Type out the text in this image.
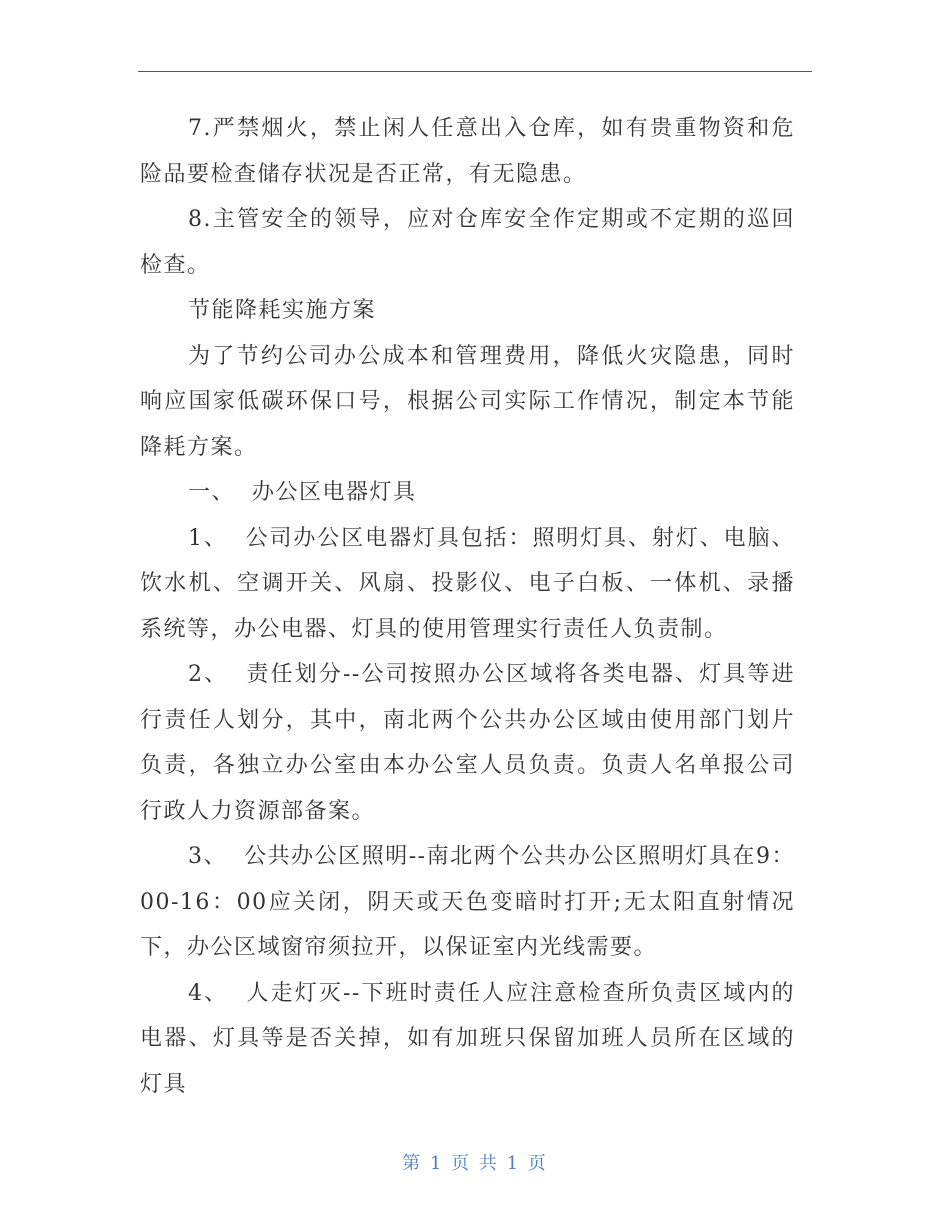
7.严禁烟火，禁止闲人任意出入仓库，如有贵重物资和危险品要检查储存状况是否正常，有无隐患。

8.主管安全的领导，应对仓库安全作定期或不定期的巡回检查。

节能降耗实施方案

为了节约公司办公成本和管理费用，降低火灾隐患，同时响应国家低碳环保口号，根据公司实际工作情况，制定本节能降耗方案。

一、  办公区电器灯具

1、  公司办公区电器灯具包括：照明灯具、射灯、电脑、饮水机、空调开关、风扇、投影仪、电子白板、一体机、录播系统等，办公电器、灯具的使用管理实行责任人负责制。

2、  责任划分--公司按照办公区域将各类电器、灯具等进行责任人划分，其中，南北两个公共办公区域由使用部门划片负责，各独立办公室由本办公室人员负责。负责人名单报公司行政人力资源部备案。

3、  公共办公区照明--南北两个公共办公区照明灯具在9：00-16：00应关闭，阴天或天色变暗时打开;无太阳直射情况下，办公区域窗帘须拉开，以保证室内光线需要。

4、  人走灯灭--下班时责任人应注意检查所负责区域内的电器、灯具等是否关掉，如有加班只保留加班人员所在区域的灯具

第 1 页 共 1 页
